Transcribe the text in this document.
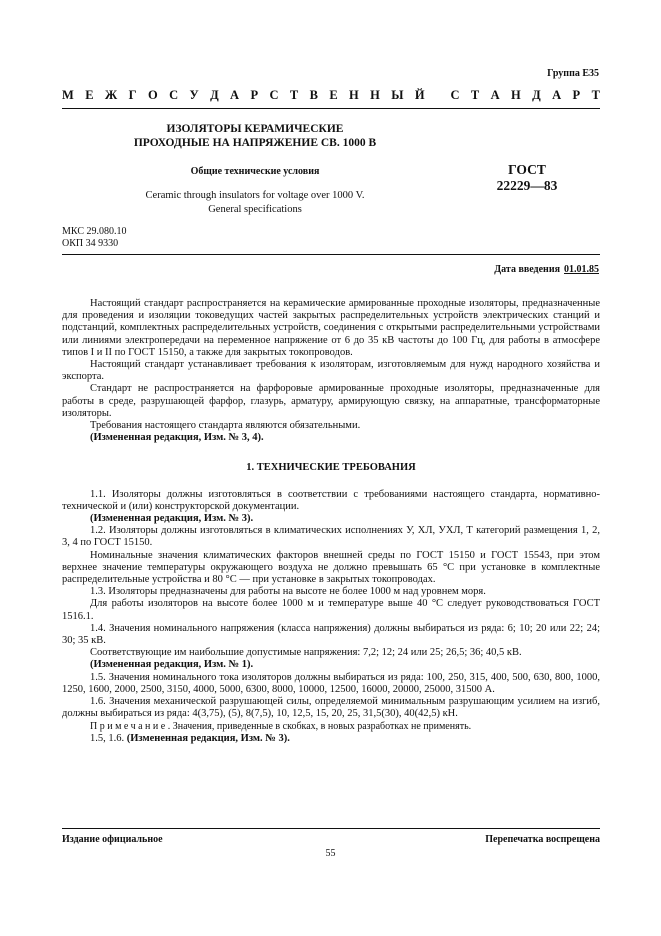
Группа Е35
М Е Ж Г О С У Д А Р С Т В Е Н Н Ы Й
С Т А Н Д А Р Т
ИЗОЛЯТОРЫ КЕРАМИЧЕСКИЕ
ПРОХОДНЫЕ НА НАПРЯЖЕНИЕ СВ. 1000 В
Общие технические условия
Ceramic through insulators for voltage over 1000 V.
General specifications
ГОСТ
22229—83
МКС 29.080.10
ОКП 34 9330
Дата введения 01.01.85

Настоящий стандарт распространяется на керамические армированные проходные изоляторы, предназначенные для проведения и изоляции токоведущих частей закрытых распределительных устройств электрических станций и подстанций, комплектных распределительных устройств, соединения с открытыми распределительными устройствами или линиями электропередачи на переменное напряжение от 6 до 35 кВ частоты до 100 Гц, для работы в атмосфере типов I и II по ГОСТ 15150, а также для закрытых токопроводов.

Настоящий стандарт устанавливает требования к изоляторам, изготовляемым для нужд народного хозяйства и экспорта.

Стандарт не распространяется на фарфоровые армированные проходные изоляторы, предназначенные для работы в среде, разрушающей фарфор, глазурь, арматуру, армирующую связку, на аппаратные, трансформаторные изоляторы.

Требования настоящего стандарта являются обязательными.

(Измененная редакция, Изм. № 3, 4).

1. ТЕХНИЧЕСКИЕ ТРЕБОВАНИЯ

1.1. Изоляторы должны изготовляться в соответствии с требованиями настоящего стандарта, нормативно-технической и (или) конструкторской документации.

(Измененная редакция, Изм. № 3).

1.2. Изоляторы должны изготовляться в климатических исполнениях У, ХЛ, УХЛ, Т категорий размещения 1, 2, 3, 4 по ГОСТ 15150.

Номинальные значения климатических факторов внешней среды по ГОСТ 15150 и ГОСТ 15543, при этом верхнее значение температуры окружающего воздуха не должно превышать 65 °С при установке в комплектные распределительные устройства и 80 °С — при установке в закрытых токопроводах.

1.3. Изоляторы предназначены для работы на высоте не более 1000 м над уровнем моря.

Для работы изоляторов на высоте более 1000 м и температуре выше 40 °С следует руководствоваться ГОСТ 1516.1.

1.4. Значения номинального напряжения (класса напряжения) должны выбираться из ряда: 6; 10; 20 или 22; 24; 30; 35 кВ.

Соответствующие им наибольшие допустимые напряжения: 7,2; 12; 24 или 25; 26,5; 36; 40,5 кВ.

(Измененная редакция, Изм. № 1).

1.5. Значения номинального тока изоляторов должны выбираться из ряда: 100, 250, 315, 400, 500, 630, 800, 1000, 1250, 1600, 2000, 2500, 3150, 4000, 5000, 6300, 8000, 10000, 12500, 16000, 20000, 25000, 31500 А.

1.6. Значения механической разрушающей силы, определяемой минимальным разрушающим усилием на изгиб, должны выбираться из ряда: 4(3,75), (5), 8(7,5), 10, 12,5, 15, 20, 25, 31,5(30), 40(42,5) кН.

Примечание. Значения, приведенные в скобках, в новых разработках не применять.

1.5, 1.6. (Измененная редакция, Изм. № 3).

Издание официальное	Перепечатка воспрещена
55
